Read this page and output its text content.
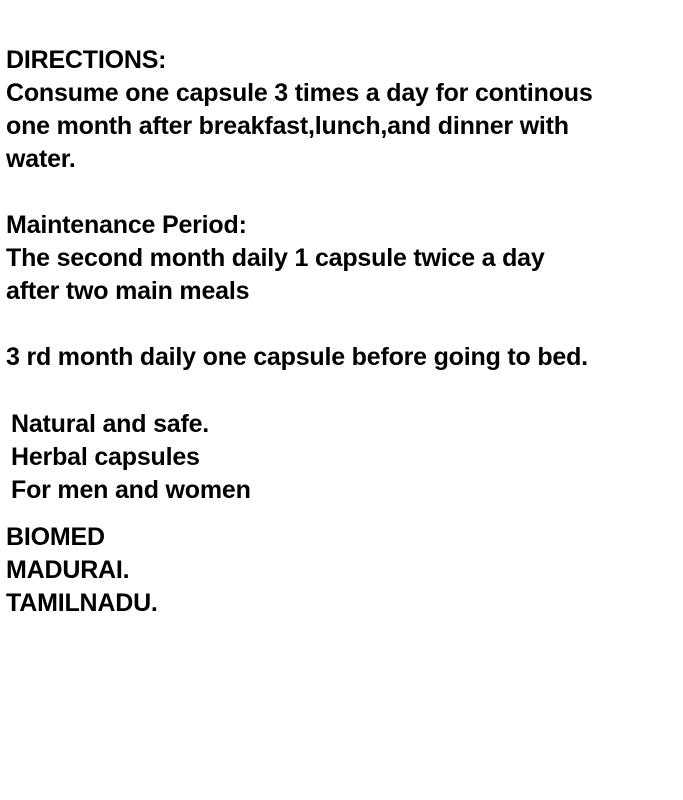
DIRECTIONS:
Consume one capsule 3 times a day for continous
one month after breakfast,lunch,and dinner with
water.
Maintenance Period:
The second month daily 1 capsule twice a day
after two main meals
3 rd month daily one capsule before going to bed.
Natural and safe.
Herbal capsules
For men and women
BIOMED
MADURAI.
TAMILNADU.
